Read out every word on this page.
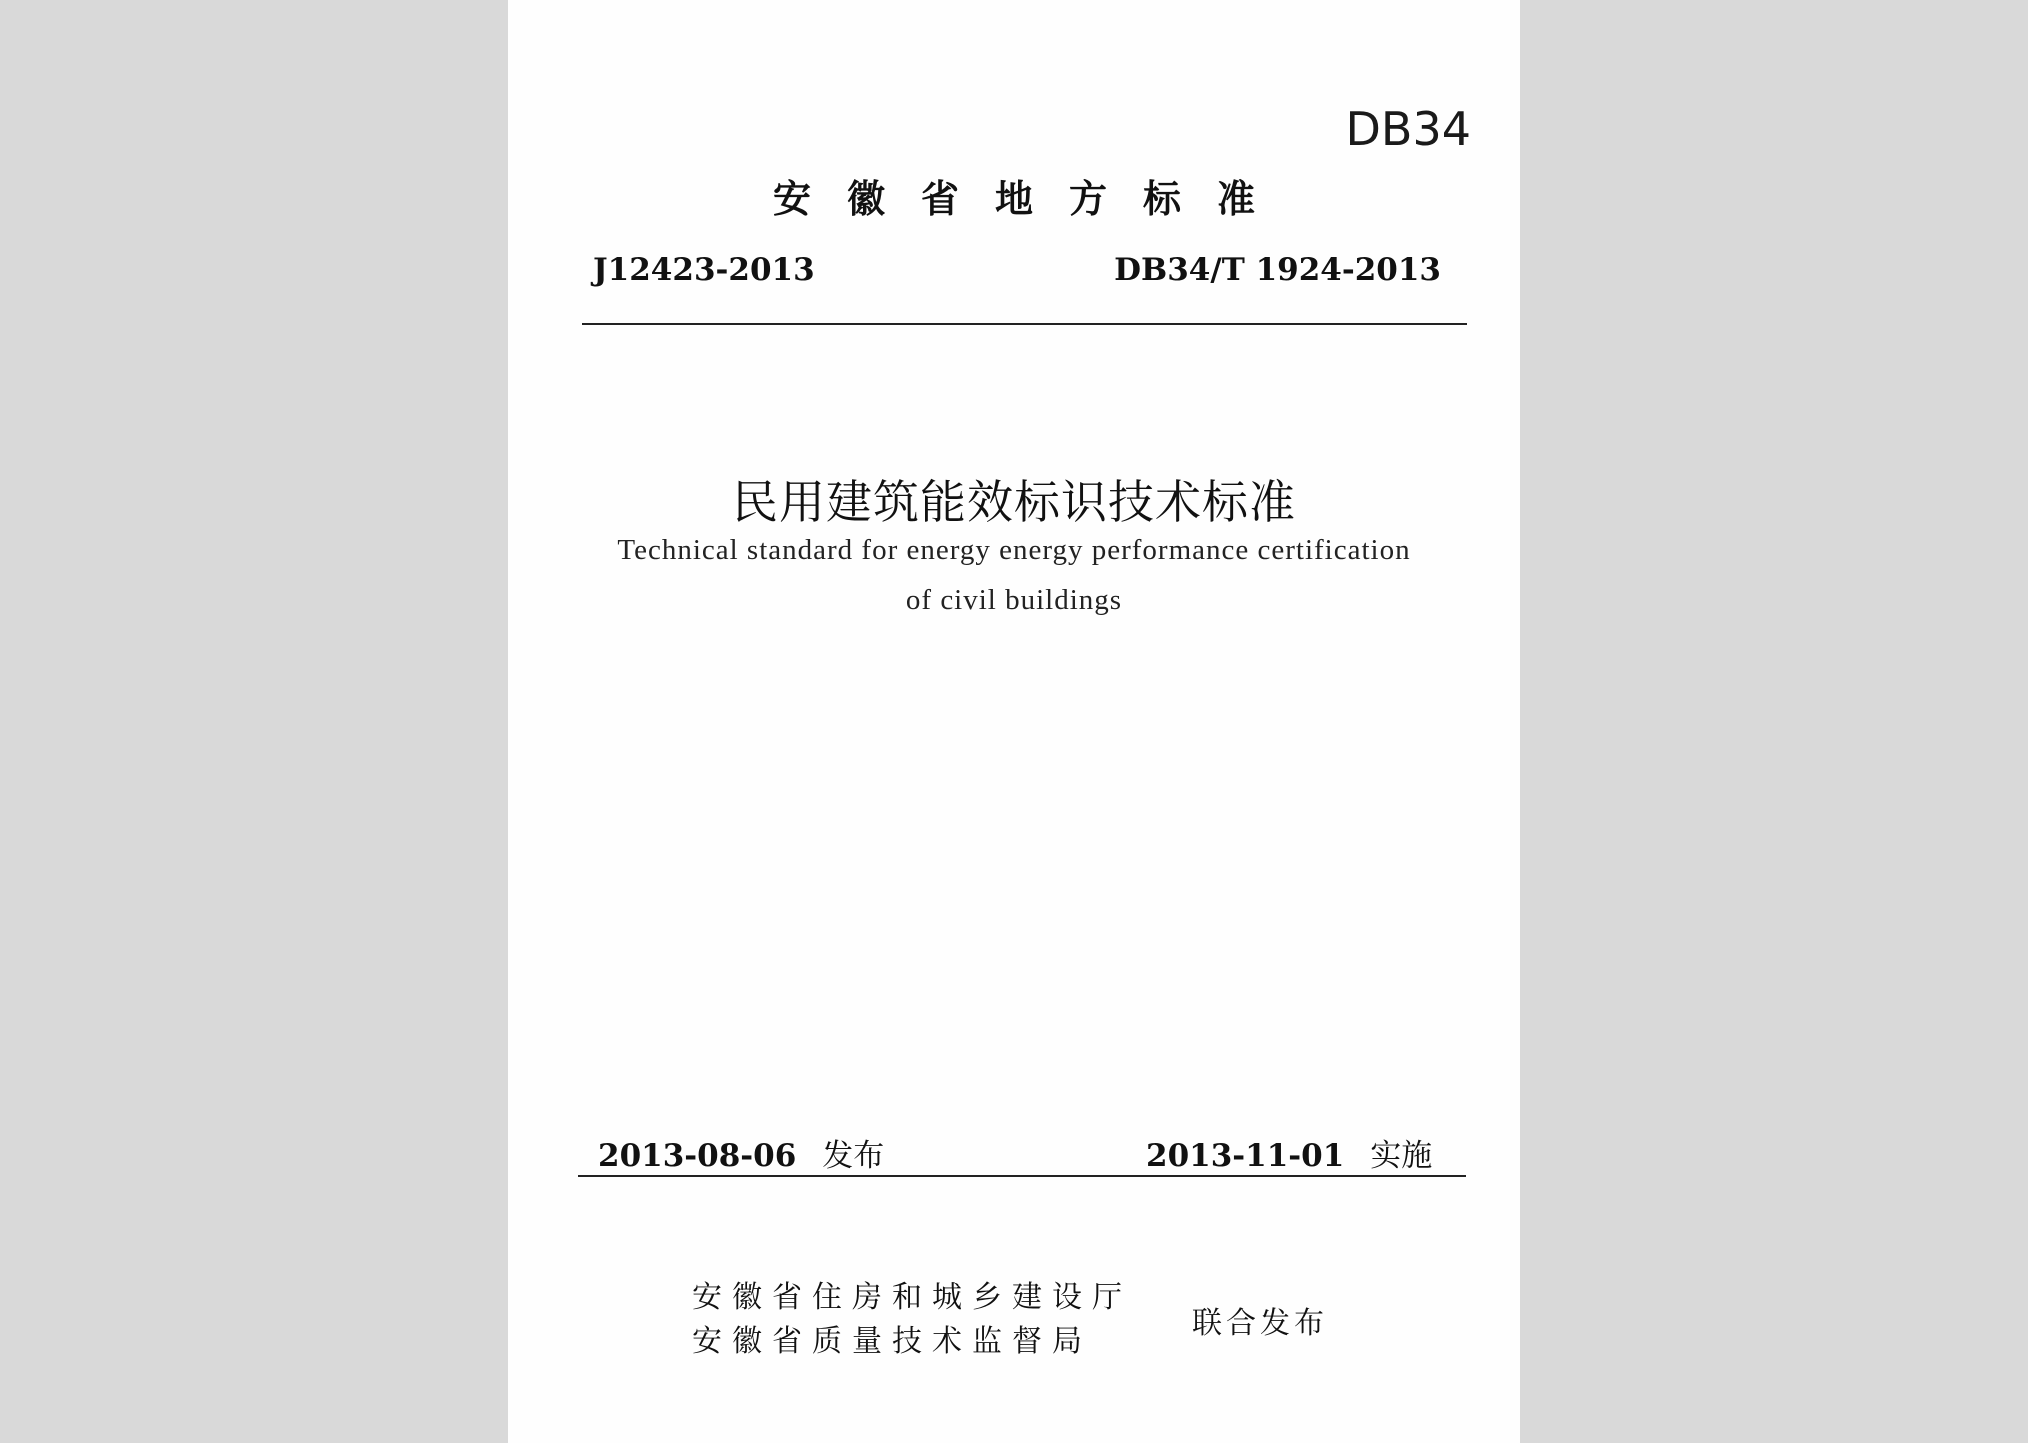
DB34
安徽省地方标准
J12423-2013	DB34/T 1924-2013
民用建筑能效标识技术标准
Technical standard for energy energy performance certification
of civil buildings
2013-08-06 发布	2013-11-01 实施
安徽省住房和城乡建设厅
安徽省质量技术监督局
联合发布
